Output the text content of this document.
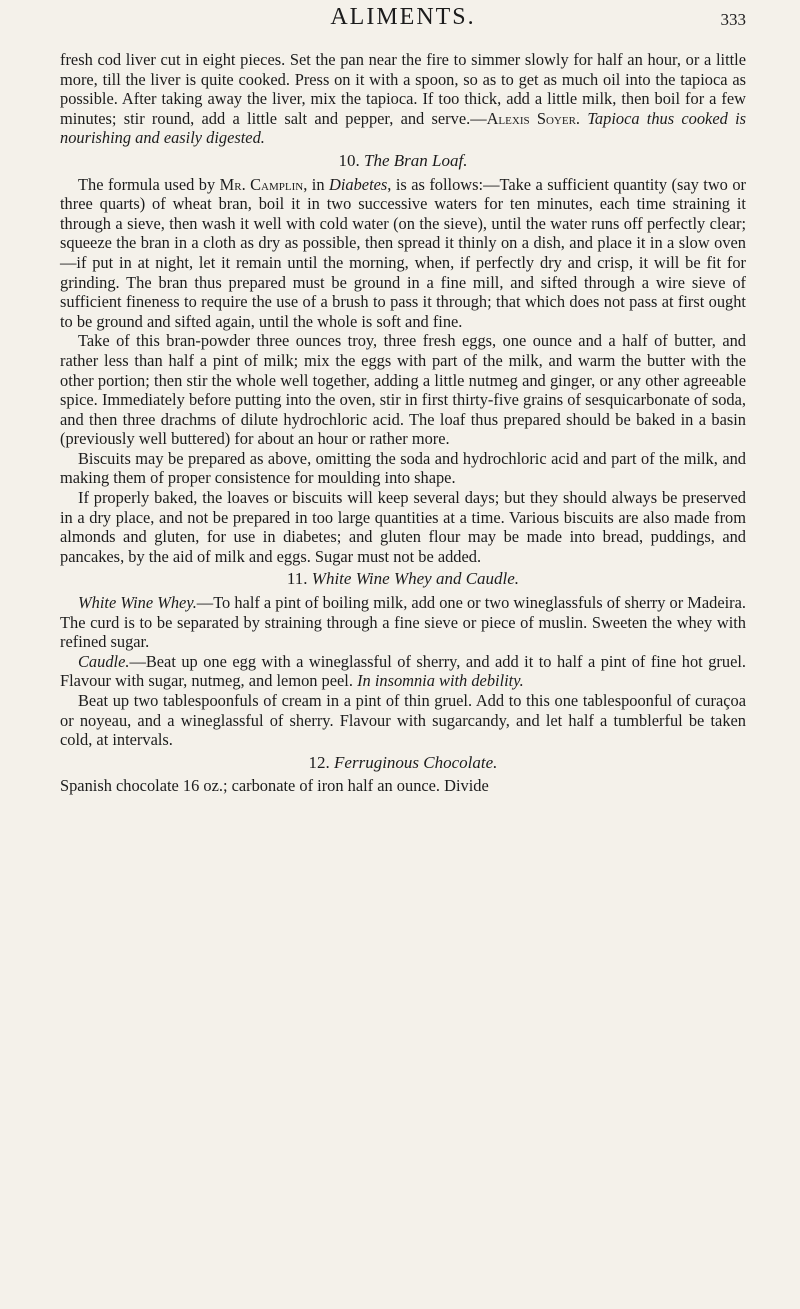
ALIMENTS.	333

fresh cod liver cut in eight pieces. Set the pan near the fire to simmer slowly for half an hour, or a little more, till the liver is quite cooked. Press on it with a spoon, so as to get as much oil into the tapioca as possible. After taking away the liver, mix the tapioca. If too thick, add a little milk, then boil for a few minutes; stir round, add a little salt and pepper, and serve.—Alexis Soyer. Tapioca thus cooked is nourishing and easily digested.

10. The Bran Loaf.

The formula used by Mr. Camplin, in Diabetes, is as follows:—Take a sufficient quantity (say two or three quarts) of wheat bran, boil it in two successive waters for ten minutes, each time straining it through a sieve, then wash it well with cold water (on the sieve), until the water runs off perfectly clear; squeeze the bran in a cloth as dry as possible, then spread it thinly on a dish, and place it in a slow oven—if put in at night, let it remain until the morning, when, if perfectly dry and crisp, it will be fit for grinding. The bran thus prepared must be ground in a fine mill, and sifted through a wire sieve of sufficient fineness to require the use of a brush to pass it through; that which does not pass at first ought to be ground and sifted again, until the whole is soft and fine.

Take of this bran-powder three ounces troy, three fresh eggs, one ounce and a half of butter, and rather less than half a pint of milk; mix the eggs with part of the milk, and warm the butter with the other portion; then stir the whole well together, adding a little nutmeg and ginger, or any other agreeable spice. Immediately before putting into the oven, stir in first thirty-five grains of sesquicarbonate of soda, and then three drachms of dilute hydrochloric acid. The loaf thus prepared should be baked in a basin (previously well buttered) for about an hour or rather more.

Biscuits may be prepared as above, omitting the soda and hydrochloric acid and part of the milk, and making them of proper consistence for moulding into shape.

If properly baked, the loaves or biscuits will keep several days; but they should always be preserved in a dry place, and not be prepared in too large quantities at a time. Various biscuits are also made from almonds and gluten, for use in diabetes; and gluten flour may be made into bread, puddings, and pancakes, by the aid of milk and eggs. Sugar must not be added.

11. White Wine Whey and Caudle.

White Wine Whey.—To half a pint of boiling milk, add one or two wineglassfuls of sherry or Madeira. The curd is to be separated by straining through a fine sieve or piece of muslin. Sweeten the whey with refined sugar.

Caudle.—Beat up one egg with a wineglassful of sherry, and add it to half a pint of fine hot gruel. Flavour with sugar, nutmeg, and lemon peel. In insomnia with debility.

Beat up two tablespoonfuls of cream in a pint of thin gruel. Add to this one tablespoonful of curaçoa or noyeau, and a wineglassful of sherry. Flavour with sugarcandy, and let half a tumblerful be taken cold, at intervals.

12. Ferruginous Chocolate.

Spanish chocolate 16 oz.; carbonate of iron half an ounce. Divide
